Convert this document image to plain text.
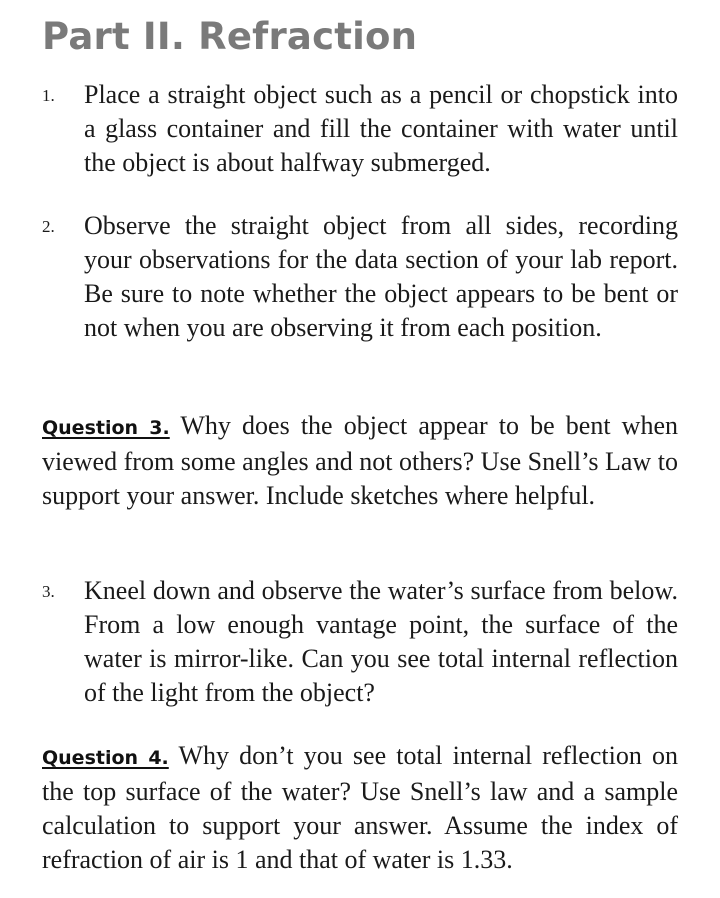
Part II. Refraction
1. Place a straight object such as a pencil or chopstick into a glass container and fill the container with water until the object is about halfway submerged.

2. Observe the straight object from all sides, recording your observations for the data section of your lab report. Be sure to note whether the object appears to be bent or not when you are observing it from each position.

Question 3. Why does the object appear to be bent when viewed from some angles and not others? Use Snell’s Law to support your answer. Include sketches where helpful.

3. Kneel down and observe the water’s surface from below. From a low enough vantage point, the surface of the water is mirror-like. Can you see total internal reflection of the light from the object?

Question 4. Why don’t you see total internal reflection on the top surface of the water? Use Snell’s law and a sample calculation to support your answer. Assume the index of refraction of air is 1 and that of water is 1.33.
